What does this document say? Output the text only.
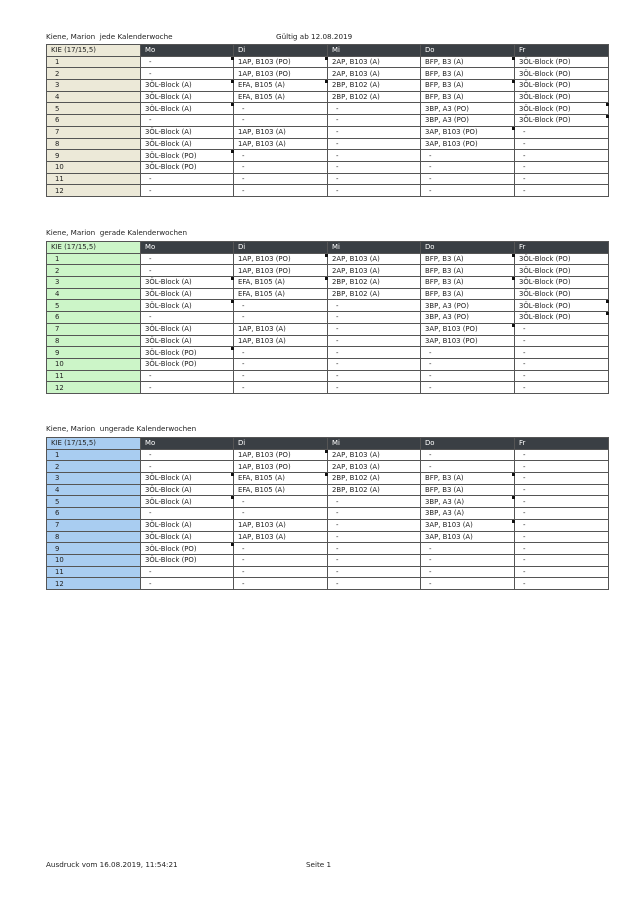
Kiene, Marion  jede Kalenderwoche	Gültig ab 12.08.2019
KIE (17/15,5)	Mo	Di	Mi	Do	Fr
1	-	1AP, B103 (PO)	2AP, B103 (A)	BFP, B3 (A)	3ÖL-Block (PO)
2	-	1AP, B103 (PO)	2AP, B103 (A)	BFP, B3 (A)	3ÖL-Block (PO)
3	3ÖL-Block (A)	EFA, B105 (A)	2BP, B102 (A)	BFP, B3 (A)	3ÖL-Block (PO)
4	3ÖL-Block (A)	EFA, B105 (A)	2BP, B102 (A)	BFP, B3 (A)	3ÖL-Block (PO)
5	3ÖL-Block (A)	-	-	3BP, A3 (PO)	3ÖL-Block (PO)

6	-	-	-	3BP, A3 (PO)	3ÖL-Block (PO)

7	3ÖL-Block (A)	1AP, B103 (A)	-	3AP, B103 (PO)	-
8	3ÖL-Block (A)	1AP, B103 (A)	-	3AP, B103 (PO)	-
9	3ÖL-Block (PO)	-	-	-	-
10	3ÖL-Block (PO)	-	-	-	-
11	-	-	-	-	-
12	-	-	-	-	-
Kiene, Marion  gerade Kalenderwochen
KIE (17/15,5)	Mo	Di	Mi	Do	Fr
1	-	1AP, B103 (PO)	2AP, B103 (A)	BFP, B3 (A)	3ÖL-Block (PO)
2	-	1AP, B103 (PO)	2AP, B103 (A)	BFP, B3 (A)	3ÖL-Block (PO)
3	3ÖL-Block (A)	EFA, B105 (A)	2BP, B102 (A)	BFP, B3 (A)	3ÖL-Block (PO)
4	3ÖL-Block (A)	EFA, B105 (A)	2BP, B102 (A)	BFP, B3 (A)	3ÖL-Block (PO)
5	3ÖL-Block (A)	-	-	3BP, A3 (PO)	3ÖL-Block (PO)

6	-	-	-	3BP, A3 (PO)	3ÖL-Block (PO)

7	3ÖL-Block (A)	1AP, B103 (A)	-	3AP, B103 (PO)	-
8	3ÖL-Block (A)	1AP, B103 (A)	-	3AP, B103 (PO)	-
9	3ÖL-Block (PO)	-	-	-	-
10	3ÖL-Block (PO)	-	-	-	-
11	-	-	-	-	-
12	-	-	-	-	-
Kiene, Marion  ungerade Kalenderwochen
KIE (17/15,5)	Mo	Di	Mi	Do	Fr
1	-	1AP, B103 (PO)	2AP, B103 (A)	-	-
2	-	1AP, B103 (PO)	2AP, B103 (A)	-	-
3	3ÖL-Block (A)	EFA, B105 (A)	2BP, B102 (A)	BFP, B3 (A)	-
4	3ÖL-Block (A)	EFA, B105 (A)	2BP, B102 (A)	BFP, B3 (A)	-
5	3ÖL-Block (A)	-	-	3BP, A3 (A)	-
6	-	-	-	3BP, A3 (A)	-
7	3ÖL-Block (A)	1AP, B103 (A)	-	3AP, B103 (A)	-
8	3ÖL-Block (A)	1AP, B103 (A)	-	3AP, B103 (A)	-
9	3ÖL-Block (PO)	-	-	-	-
10	3ÖL-Block (PO)	-	-	-	-
11	-	-	-	-	-
12	-	-	-	-	-
Ausdruck vom 16.08.2019, 11:54:21	Seite 1
